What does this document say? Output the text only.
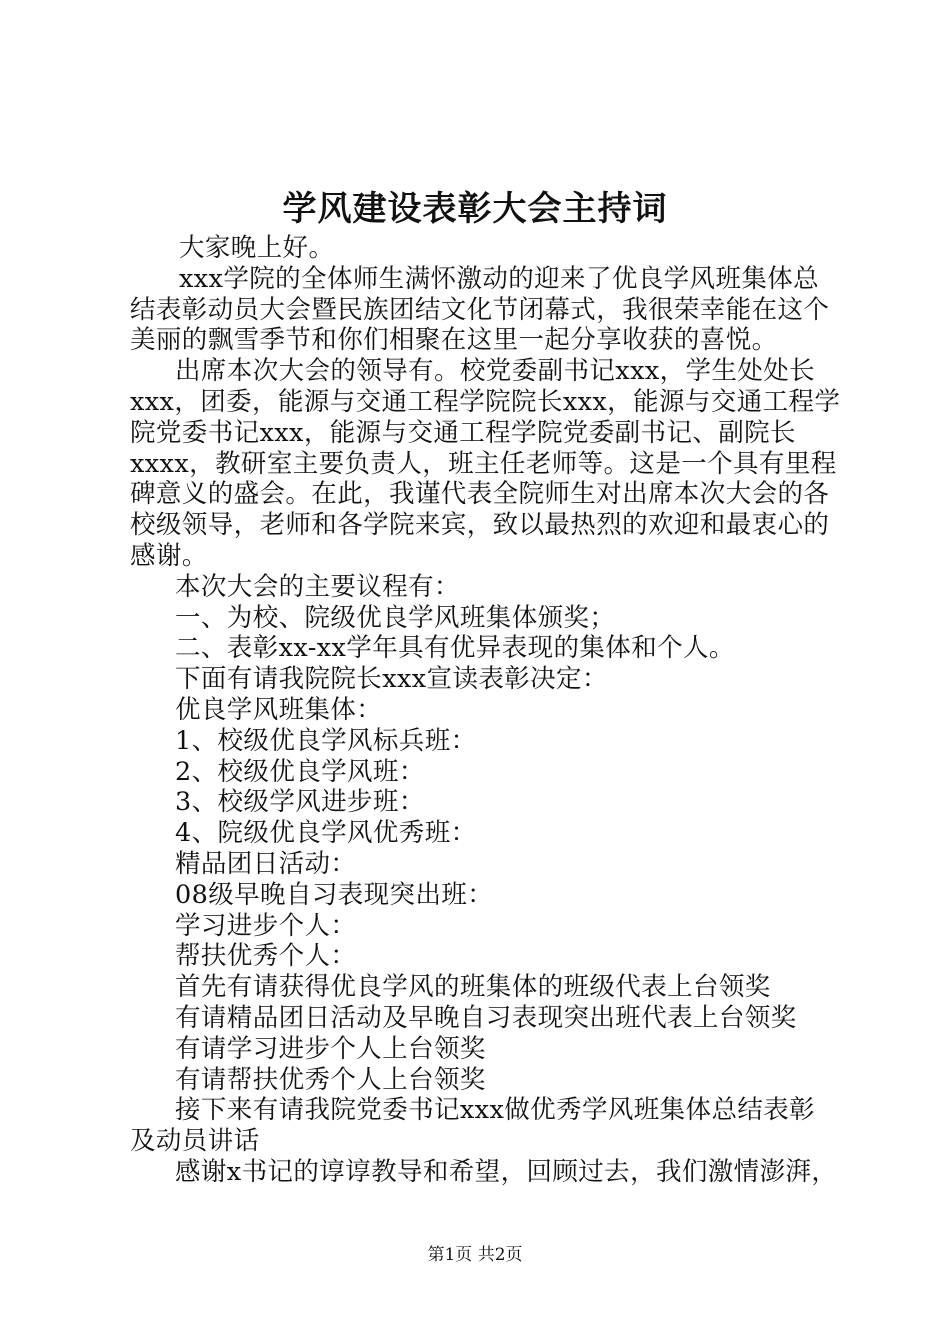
学风建设表彰大会主持词
大家晚上好。
xxx学院的全体师生满怀激动的迎来了优良学风班集体总
结表彰动员大会暨民族团结文化节闭幕式，我很荣幸能在这个
美丽的飘雪季节和你们相聚在这里一起分享收获的喜悦。
出席本次大会的领导有。校党委副书记xxx，学生处处长
xxx，团委，能源与交通工程学院院长xxx，能源与交通工程学
院党委书记xxx，能源与交通工程学院党委副书记、副院长
xxxx，教研室主要负责人，班主任老师等。这是一个具有里程
碑意义的盛会。在此，我谨代表全院师生对出席本次大会的各
校级领导，老师和各学院来宾，致以最热烈的欢迎和最衷心的
感谢。
本次大会的主要议程有：
一、为校、院级优良学风班集体颁奖；
二、表彰xx-xx学年具有优异表现的集体和个人。
下面有请我院院长xxx宣读表彰决定：
优良学风班集体：
1、校级优良学风标兵班：
2、校级优良学风班：
3、校级学风进步班：
4、院级优良学风优秀班：
精品团日活动：
08级早晚自习表现突出班：
学习进步个人：
帮扶优秀个人：
首先有请获得优良学风的班集体的班级代表上台领奖
有请精品团日活动及早晚自习表现突出班代表上台领奖
有请学习进步个人上台领奖
有请帮扶优秀个人上台领奖
接下来有请我院党委书记xxx做优秀学风班集体总结表彰
及动员讲话
感谢x书记的谆谆教导和希望，回顾过去，我们激情澎湃，
第1页 共2页
